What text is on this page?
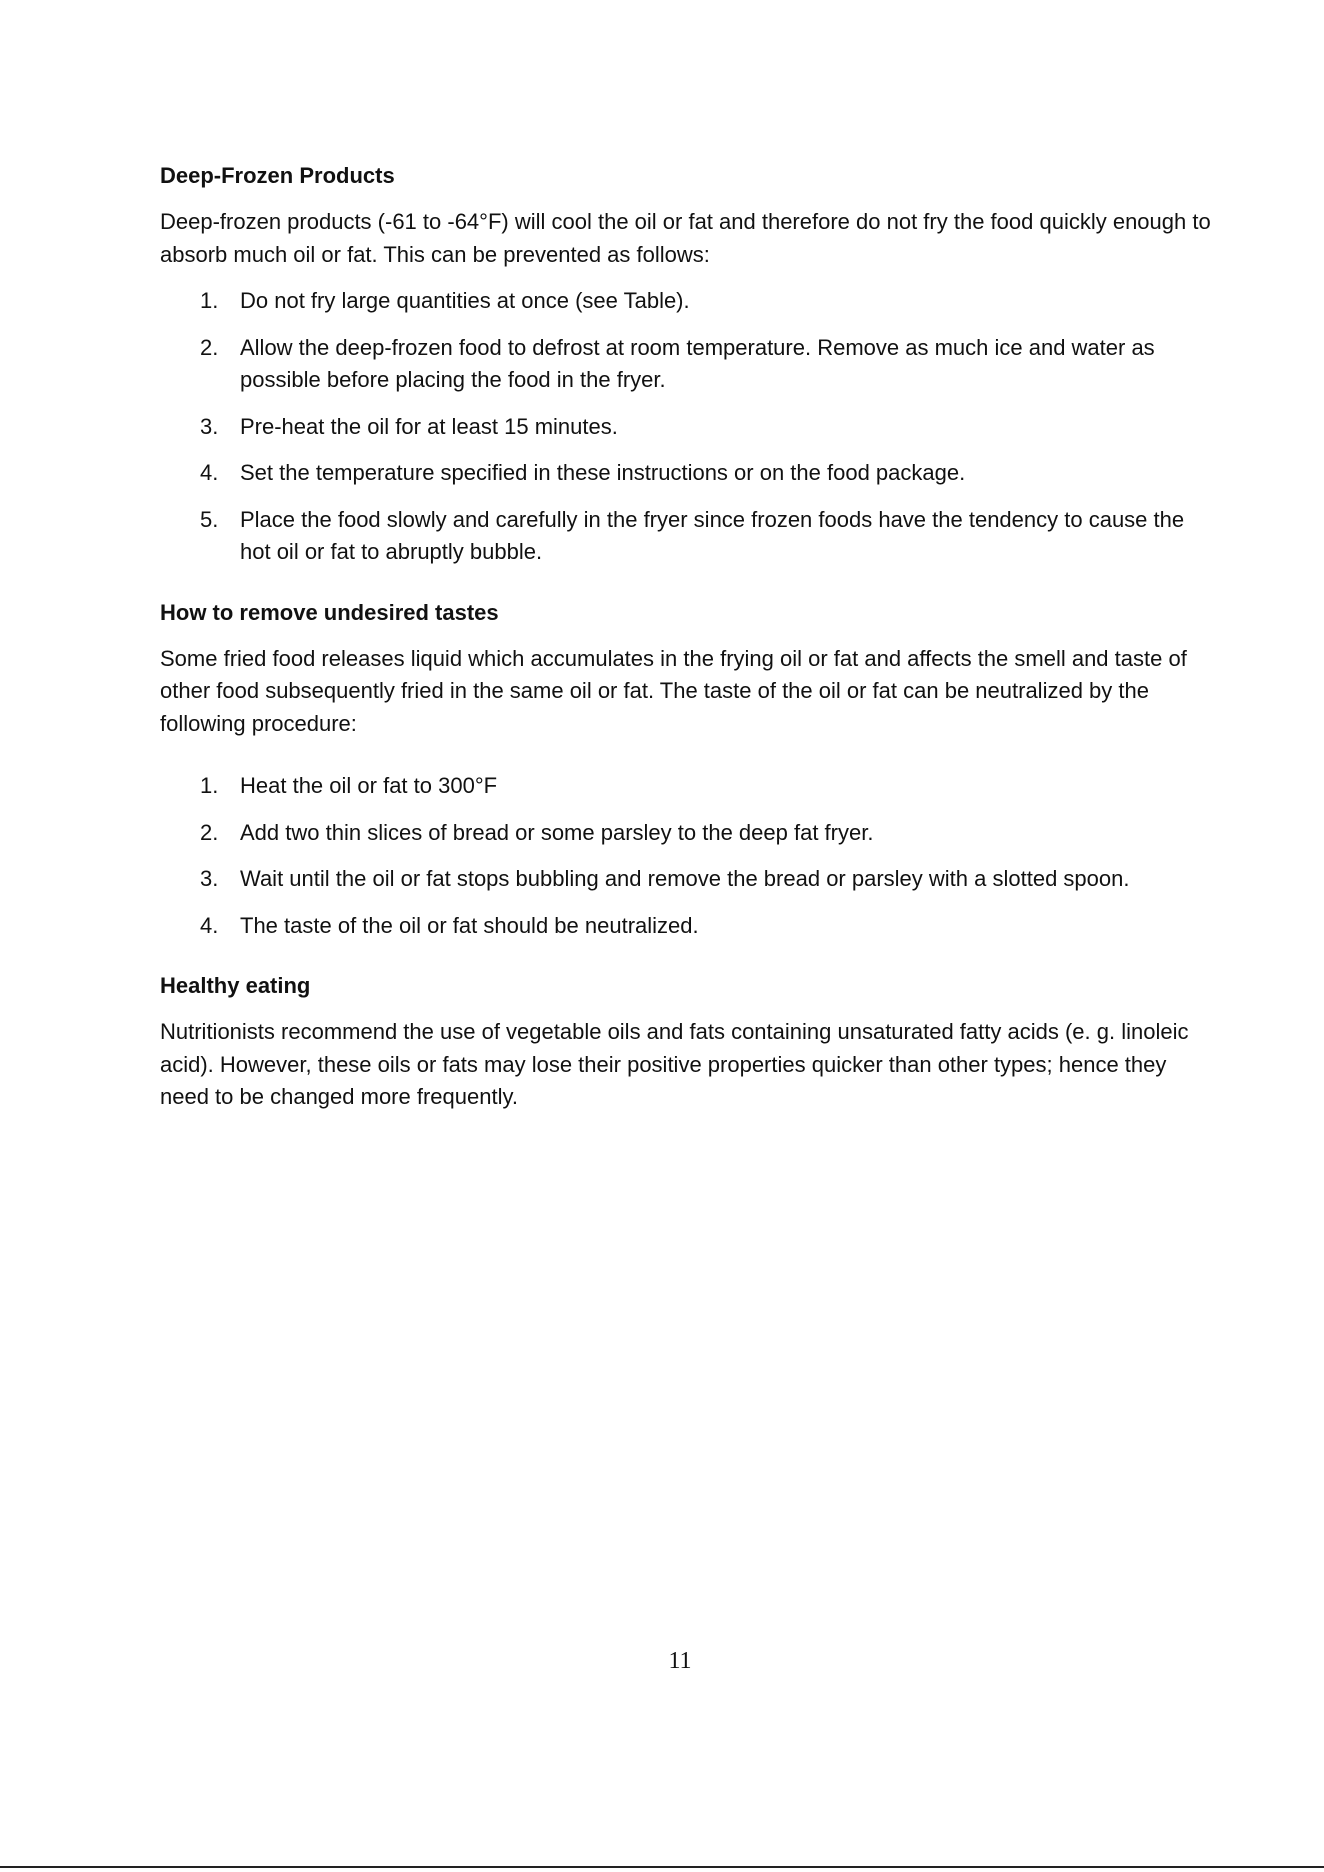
Deep-Frozen Products

Deep-frozen products (-61 to -64°F) will cool the oil or fat and therefore do not fry the food quickly enough to absorb much oil or fat. This can be prevented as follows:

1. Do not fry large quantities at once (see Table).
2. Allow the deep-frozen food to defrost at room temperature. Remove as much ice and water as possible before placing the food in the fryer.
3. Pre-heat the oil for at least 15 minutes.
4. Set the temperature specified in these instructions or on the food package.
5. Place the food slowly and carefully in the fryer since frozen foods have the tendency to cause the hot oil or fat to abruptly bubble.
How to remove undesired tastes

Some fried food releases liquid which accumulates in the frying oil or fat and affects the smell and taste of other food subsequently fried in the same oil or fat. The taste of the oil or fat can be neutralized by the following procedure:

1. Heat the oil or fat to 300°F
2. Add two thin slices of bread or some parsley to the deep fat fryer.
3. Wait until the oil or fat stops bubbling and remove the bread or parsley with a slotted spoon.
4. The taste of the oil or fat should be neutralized.
Healthy eating

Nutritionists recommend the use of vegetable oils and fats containing unsaturated fatty acids (e. g. linoleic acid). However, these oils or fats may lose their positive properties quicker than other types; hence they need to be changed more frequently.

11
